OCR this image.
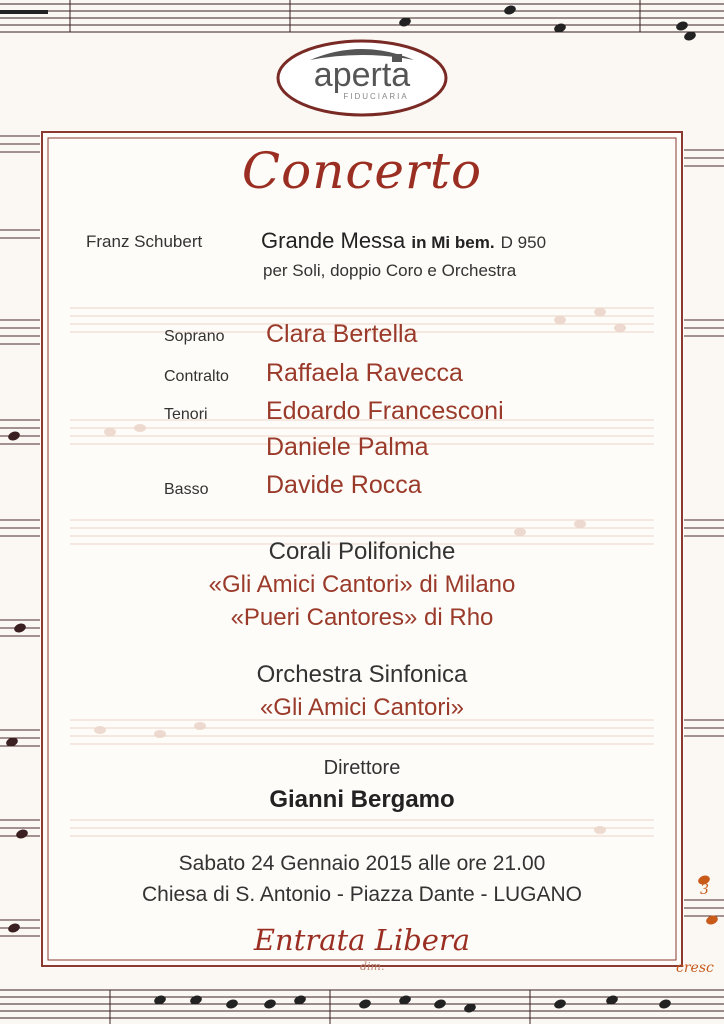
aperta
FIDUCIARIA
Concerto
Franz Schubert	Grande Messa in Mi bem. D 950
per Soli, doppio Coro e Orchestra
Soprano Clara Bertella
Contralto Raffaela Ravecca
Tenori Edoardo Francesconi
Daniele Palma
Basso Davide Rocca
Corali Polifoniche
«Gli Amici Cantori» di Milano
«Pueri Cantores» di Rho
Orchestra Sinfonica
«Gli Amici Cantori»
Direttore
Gianni Bergamo
Sabato 24 Gennaio 2015 alle ore 21.00
Chiesa di S. Antonio - Piazza Dante - LUGANO
Entrata Libera
dim.	cresc
3
